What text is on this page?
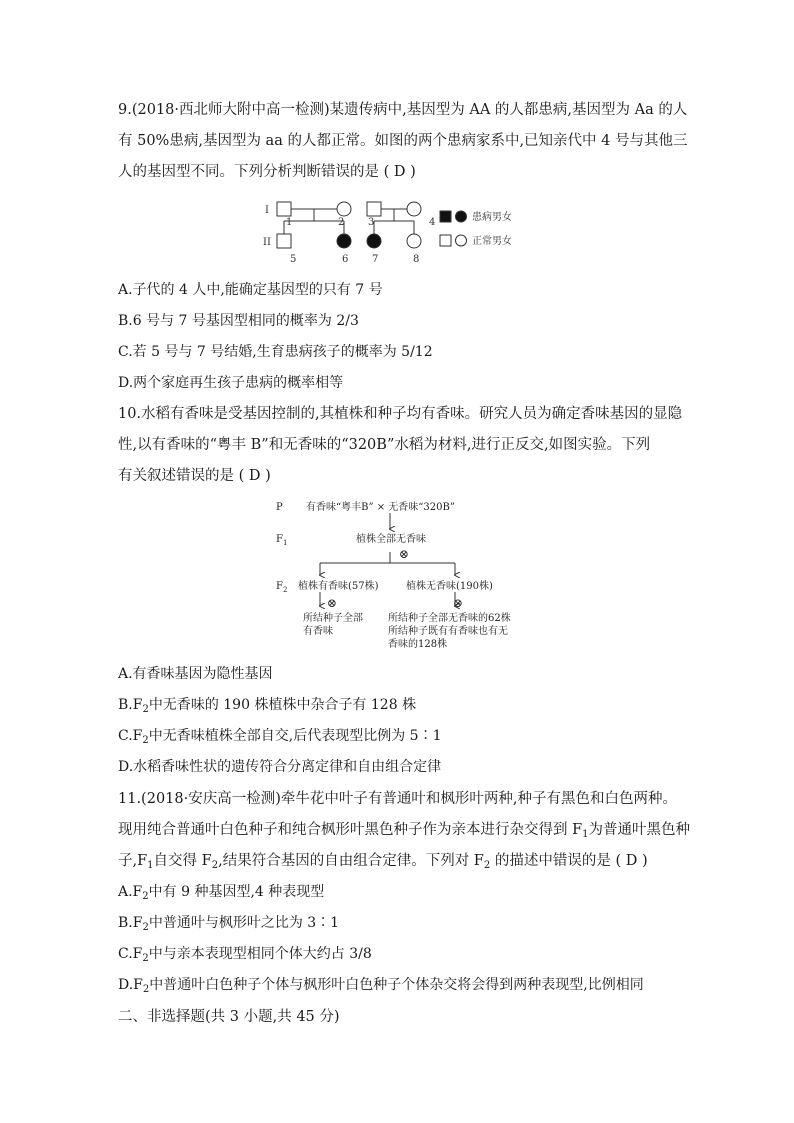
9.(2018·西北师大附中高一检测)某遗传病中,基因型为 AA 的人都患病,基因型为 Aa 的人
有 50%患病,基因型为 aa 的人都正常。如图的两个患病家系中,已知亲代中 4 号与其他三
人的基因型不同。下列分析判断错误的是 ( D )
I
II
1	2 3	4
5	6 7	8
患病男女
正常男女
A.子代的 4 人中,能确定基因型的只有 7 号
B.6 号与 7 号基因型相同的概率为 2/3
C.若 5 号与 7 号结婚,生育患病孩子的概率为 5/12
D.两个家庭再生孩子患病的概率相等
10.水稻有香味是受基因控制的,其植株和种子均有香味。研究人员为确定香味基因的显隐
性,以有香味的“粤丰 B”和无香味的“320B”水稻为材料,进行正反交,如图实验。下列
有关叙述错误的是 ( D )
P 有香味“粤丰B” × 无香味“320B”
$F_1$	植株全部无香味
⊗
$F_2$ 植株有香味(57株)	植株无香味(190株)
⊗	⊗
所结种子全部
有香味
所结种子全部无香味的62株
所结种子既有有香味也有无
香味的128株
A.有香味基因为隐性基因
$B.F_2$中无香味的 190 株植株中杂合子有 128 株
$C.F_2$中无香味植株全部自交,后代表现型比例为 5∶1
D.水稻香味性状的遗传符合分离定律和自由组合定律
11.(2018·安庆高一检测)牵牛花中叶子有普通叶和枫形叶两种,种子有黑色和白色两种。
现用纯合普通叶白色种子和纯合枫形叶黑色种子作为亲本进行杂交得到 $F_1$为普通叶黑色种
子$,F_1$自交得 $F_2$,结果符合基因的自由组合定律。下列对 $F_2$ 的描述中错误的是 ( D )
$A.F_2$中有 9 种基因型,4 种表现型
$B.F_2$中普通叶与枫形叶之比为 3∶1
$C.F_2$中与亲本表现型相同个体大约占 3/8
$D.F_2$中普通叶白色种子个体与枫形叶白色种子个体杂交将会得到两种表现型,比例相同
二、非选择题(共 3 小题,共 45 分)
